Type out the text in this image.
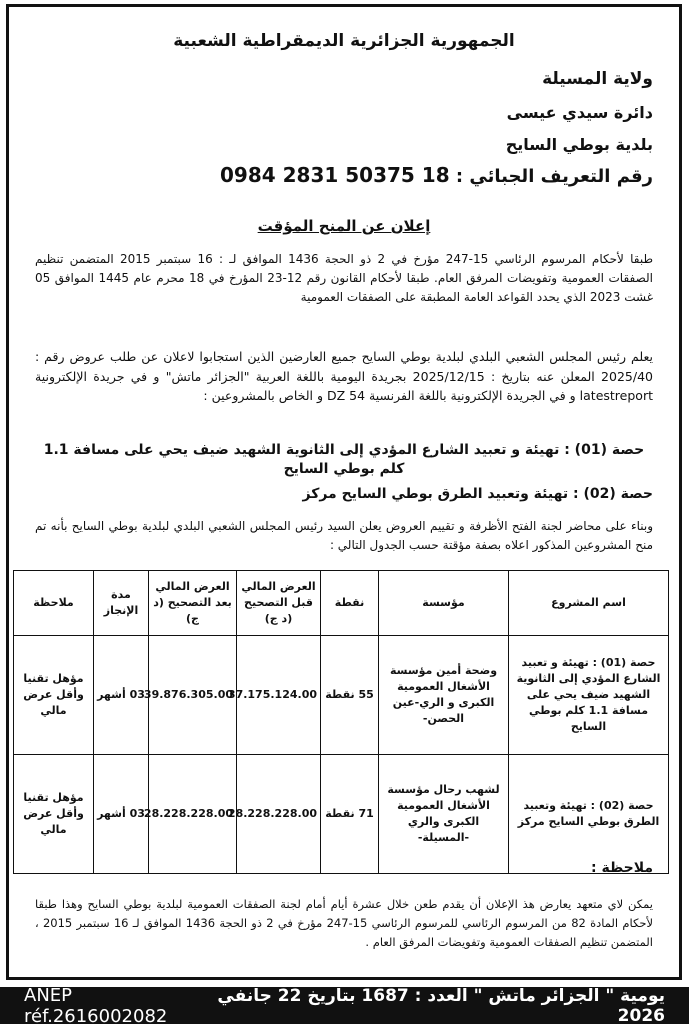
الجمهورية الجزائرية الديمقراطية الشعبية
ولاية المسيلة
دائرة سيدي عيسى
بلدية بوطي السايح
رقم التعريف الجبائي : 0984 2831 50375 18
إعلان عن المنح المؤقت
طبقا لأحكام المرسوم الرئاسي 15-247 مؤرخ في 2 ذو الحجة 1436 الموافق لـ : 16 سبتمبر 2015 المتضمن تنظيم الصفقات العمومية وتفويضات المرفق العام. طبقا لأحكام القانون رقم 12-23 المؤرخ في 18 محرم عام 1445 الموافق 05 غشت 2023 الذي يحدد القواعد العامة المطبقة على الصفقات العمومية
يعلم رئيس المجلس الشعبي البلدي لبلدية بوطي السايح جميع العارضين الذين استجابوا لاعلان عن طلب عروض رقم : 2025/40 المعلن عنه بتاريخ : 2025/12/15 بجريدة اليومية باللغة العربية "الجزائر ماتش" و في جريدة الإلكترونية latestreport و في الجريدة الإلكترونية باللغة الفرنسية DZ 54 و الخاص بالمشروعين :
حصة (01) : تهيئة و تعبيد الشارع المؤدي إلى الثانوية الشهيد ضيف يحي على مسافة 1.1 كلم بوطي السايح
حصة (02) : تهيئة وتعبيد الطرق بوطي السايح مركز
وبناء على محاضر لجنة الفتح الأظرفة و تقييم العروض يعلن السيد رئيس المجلس الشعبي البلدي لبلدية بوطي السايح بأنه تم منح المشروعين المذكور اعلاه بصفة مؤقتة حسب الجدول التالي :
اسم المشروع	مؤسسة	نقطة	العرض المالي قبل التصحيح (د ج)	العرض المالي بعد التصحيح (د ج)	مدة الإنجاز	ملاحظة
حصة (01) : تهيئة و تعبيد الشارع المؤدي إلى الثانوية الشهيد ضيف يحي على مسافة 1.1 كلم بوطي السايح	وضحة أمين مؤسسة الأشغال العمومية الكبرى و الري-عين الحصن-	55 نقطة	37.175.124.00	39.876.305.00	03 أشهر	مؤهل تقنيا وأقل عرض مالي
حصة (02) : تهيئة وتعبيد الطرق بوطي السايح مركز	لشهب رحال مؤسسة الأشغال العمومية الكبرى والري -المسيلة-	71 نقطة	28.228.228.00	28.228.228.00	03 أشهر	مؤهل تقنيا وأقل عرض مالي
ملاحظة :
يمكن لاي متعهد يعارض هذ الإعلان أن يقدم طعن خلال عشرة أيام أمام لجنة الصفقات العمومية لبلدية بوطي السايح وهذا طبقا لأحكام المادة 82 من المرسوم الرئاسي للمرسوم الرئاسي 15-247 مؤرخ في 2 ذو الحجة 1436 الموافق لـ 16 سبتمبر 2015 ، المتضمن تنظيم الصفقات العمومية وتفويضات المرفق العام .
ANEP réf.2616002082
يومية " الجزائر ماتش " العدد : 1687 بتاريخ 22 جانفي 2026
